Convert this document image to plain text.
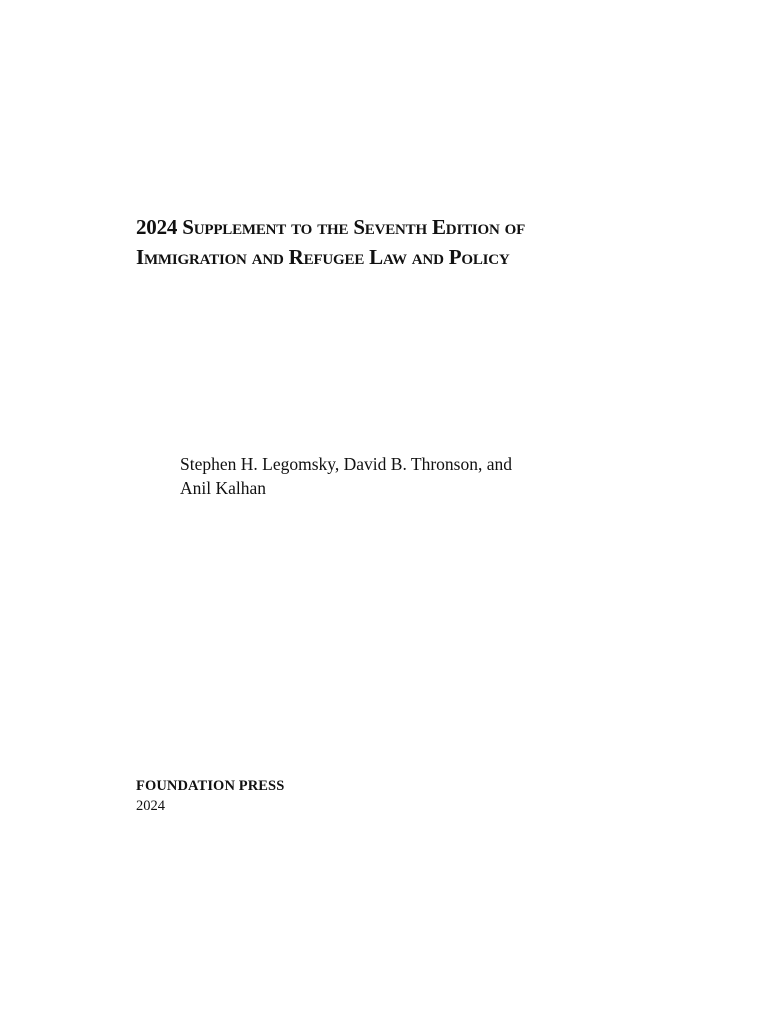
2024 Supplement to the Seventh Edition of
Immigration and Refugee Law and Policy
Stephen H. Legomsky, David B. Thronson, and
Anil Kalhan
FOUNDATION PRESS
2024
